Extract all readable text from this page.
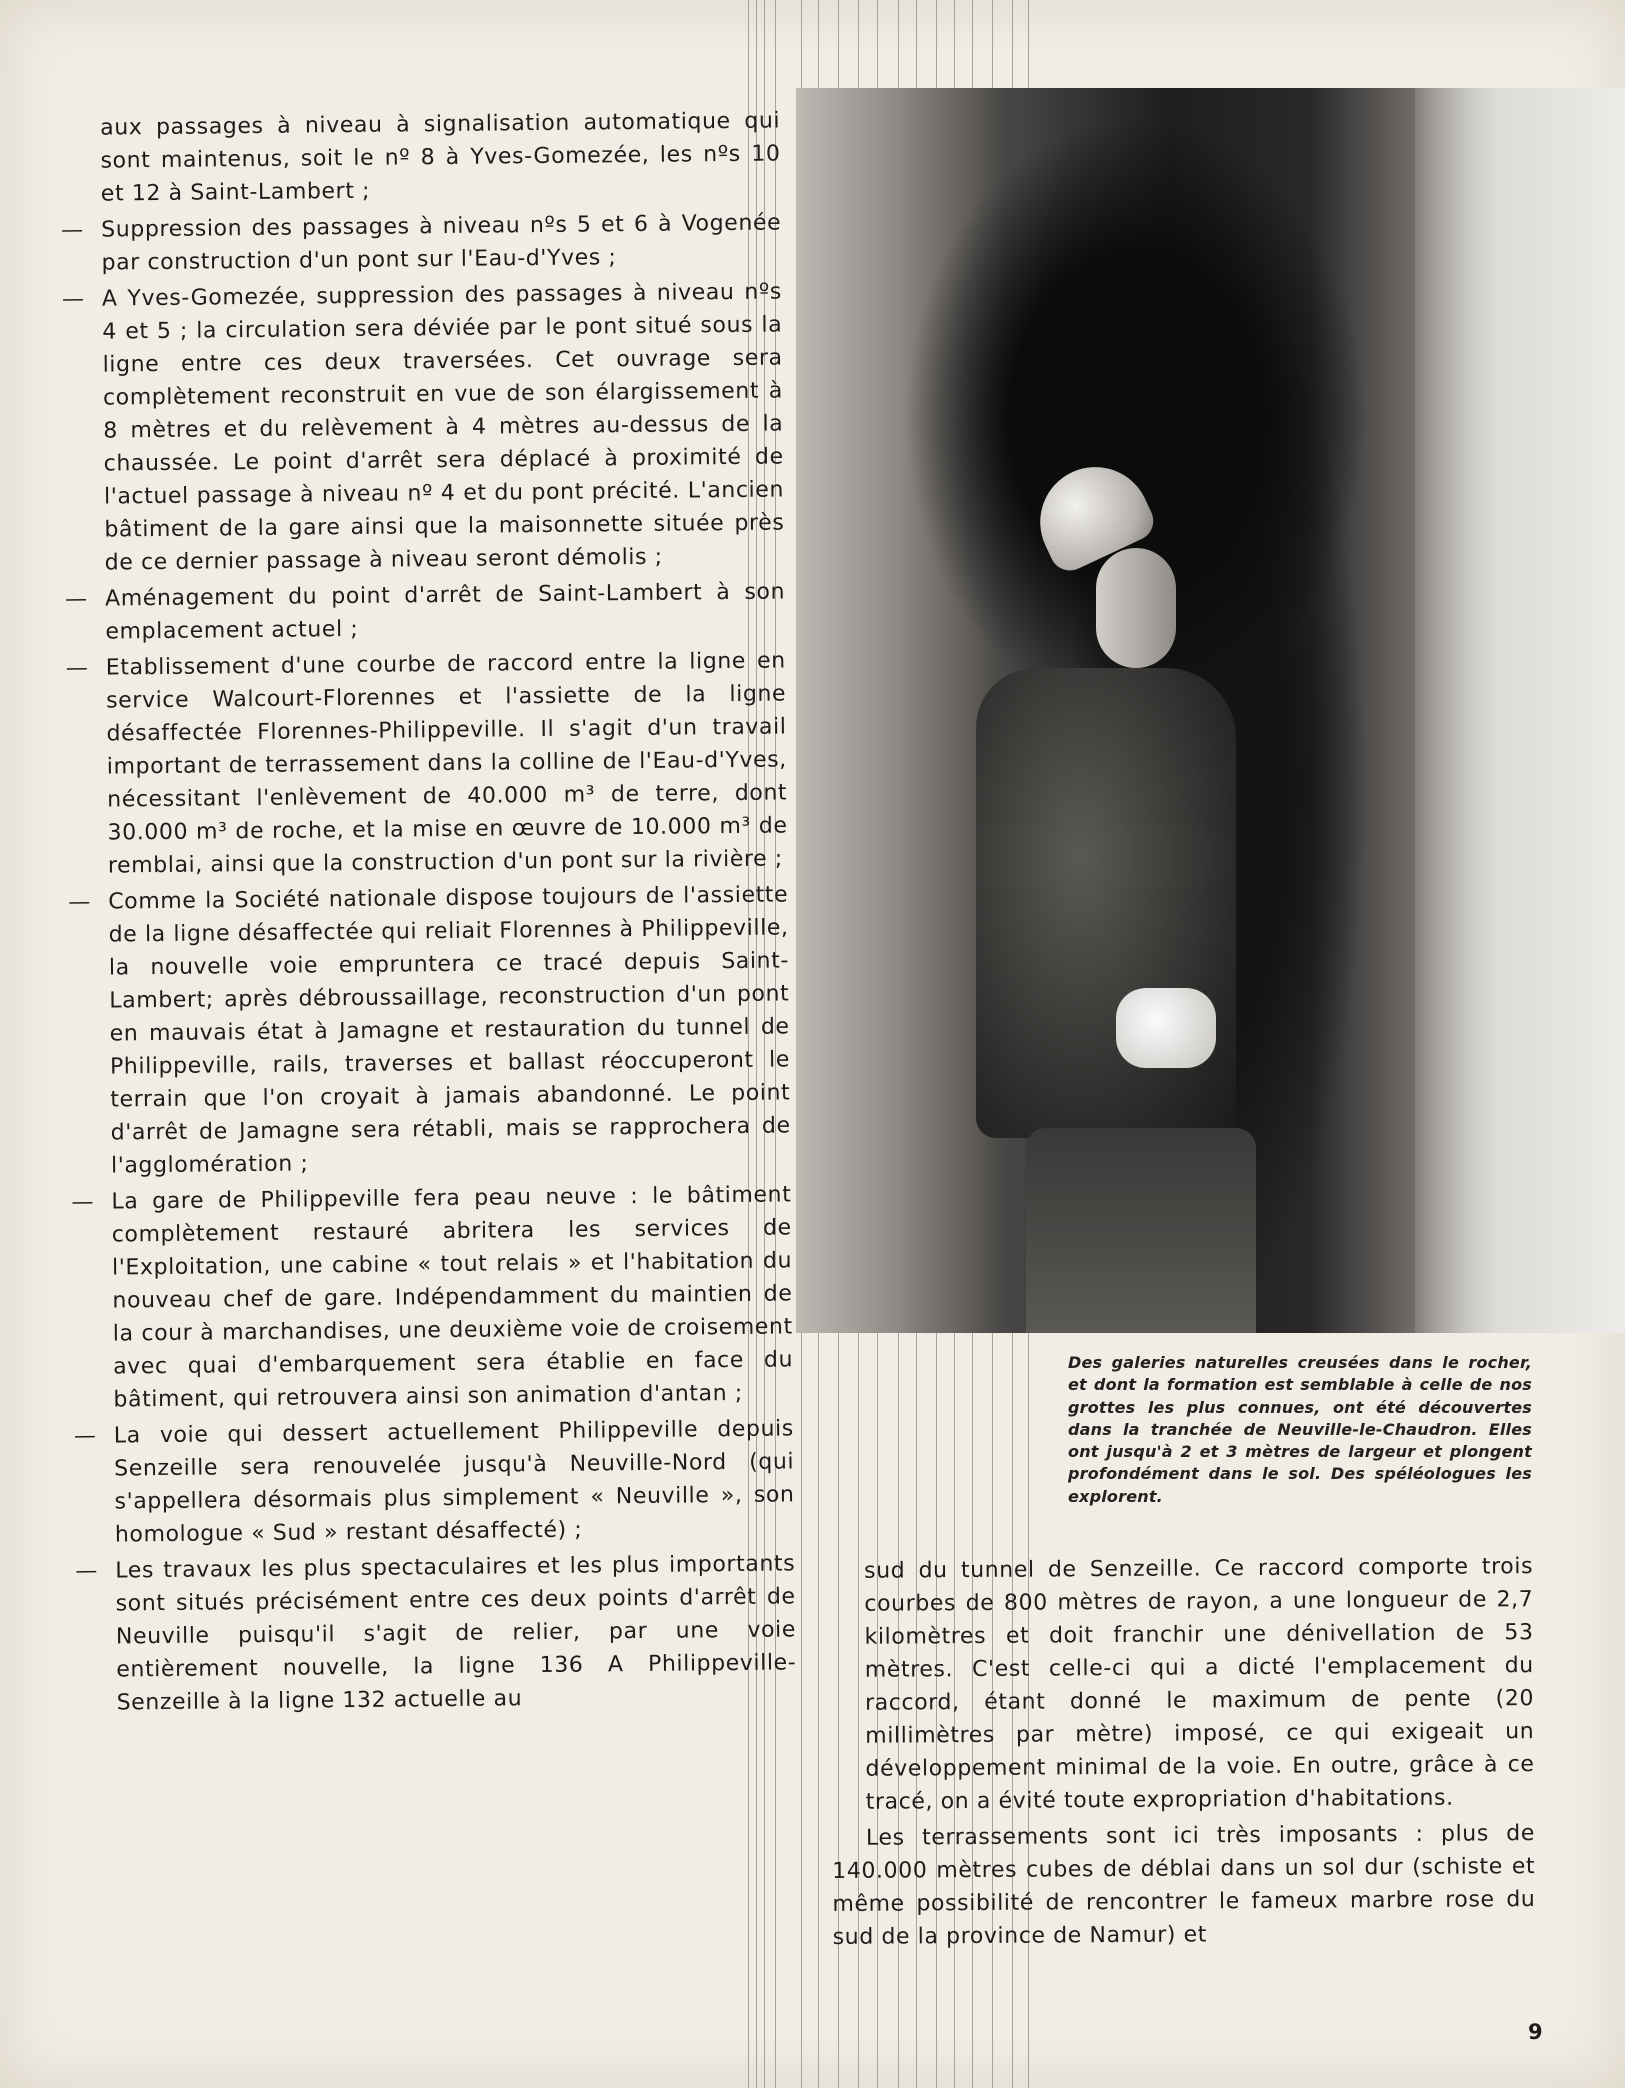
aux passages à niveau à signalisation automatique qui sont maintenus, soit le nº 8 à Yves-Gomezée, les nºs 10 et 12 à Saint-Lambert ;
— Suppression des passages à niveau nºs 5 et 6 à Vogenée par construction d'un pont sur l'Eau-d'Yves ;
— A Yves-Gomezée, suppression des passages à niveau nºs 4 et 5 ; la circulation sera déviée par le pont situé sous la ligne entre ces deux traversées. Cet ouvrage sera complètement reconstruit en vue de son élargissement à 8 mètres et du relèvement à 4 mètres au-dessus de la chaussée. Le point d'arrêt sera déplacé à proximité de l'actuel passage à niveau nº 4 et du pont précité. L'ancien bâtiment de la gare ainsi que la maisonnette située près de ce dernier passage à niveau seront démolis ;
— Aménagement du point d'arrêt de Saint-Lambert à son emplacement actuel ;
— Etablissement d'une courbe de raccord entre la ligne en service Walcourt-Florennes et l'assiette de la ligne désaffectée Florennes-Philippeville. Il s'agit d'un travail important de terrassement dans la colline de l'Eau-d'Yves, nécessitant l'enlèvement de 40.000 m³ de terre, dont 30.000 m³ de roche, et la mise en œuvre de 10.000 m³ de remblai, ainsi que la construction d'un pont sur la rivière ;
— Comme la Société nationale dispose toujours de l'assiette de la ligne désaffectée qui reliait Florennes à Philippeville, la nouvelle voie empruntera ce tracé depuis Saint-Lambert; après débroussaillage, reconstruction d'un pont en mauvais état à Jamagne et restauration du tunnel de Philippeville, rails, traverses et ballast réoccuperont le terrain que l'on croyait à jamais abandonné. Le point d'arrêt de Jamagne sera rétabli, mais se rapprochera de l'agglomération ;
— La gare de Philippeville fera peau neuve : le bâtiment complètement restauré abritera les services de l'Exploitation, une cabine « tout relais » et l'habitation du nouveau chef de gare. Indépendamment du maintien de la cour à marchandises, une deuxième voie de croisement avec quai d'embarquement sera établie en face du bâtiment, qui retrouvera ainsi son animation d'antan ;
— La voie qui dessert actuellement Philippeville depuis Senzeille sera renouvelée jusqu'à Neuville-Nord (qui s'appellera désormais plus simplement « Neuville », son homologue « Sud » restant désaffecté) ;
— Les travaux les plus spectaculaires et les plus importants sont situés précisément entre ces deux points d'arrêt de Neuville puisqu'il s'agit de relier, par une voie entièrement nouvelle, la ligne 136 A Philippeville-Senzeille à la ligne 132 actuelle au
Des galeries naturelles creusées dans le rocher, et dont la formation est semblable à celle de nos grottes les plus connues, ont été découvertes dans la tranchée de Neuville-le-Chaudron. Elles ont jusqu'à 2 et 3 mètres de largeur et plongent profondément dans le sol. Des spéléologues les explorent.
sud du tunnel de Senzeille. Ce raccord comporte trois courbes de 800 mètres de rayon, a une longueur de 2,7 kilomètres et doit franchir une dénivellation de 53 mètres. C'est celle-ci qui a dicté l'emplacement du raccord, étant donné le maximum de pente (20 millimètres par mètre) imposé, ce qui exigeait un développement minimal de la voie. En outre, grâce à ce tracé, on a évité toute expropriation d'habitations.
Les terrassements sont ici très imposants : plus de 140.000 mètres cubes de déblai dans un sol dur (schiste et même possibilité de rencontrer le fameux marbre rose du sud de la province de Namur) et
9
